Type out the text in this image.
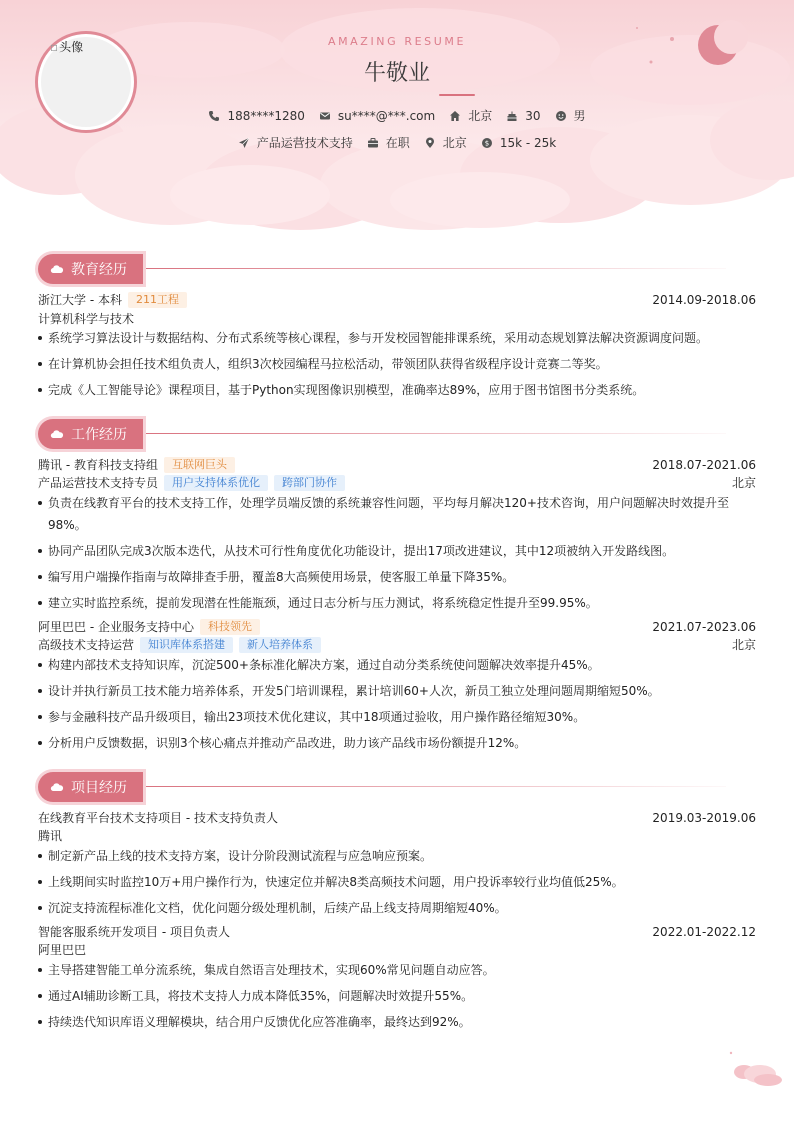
▫ 头像	AMAZING RESUME
牛敬业
188****1280	su****@***.com	北京	30	男
产品运营技术支持	在职	北京	$ 15k - 25k
教育经历
浙江大学 - 本科	211工程	2014.09-2018.06
计算机科学与技术
系统学习算法设计与数据结构、分布式系统等核心课程，参与开发校园智能排课系统，采用动态规划算法解决资源调度问题。
在计算机协会担任技术组负责人，组织3次校园编程马拉松活动，带领团队获得省级程序设计竞赛二等奖。
完成《人工智能导论》课程项目，基于Python实现图像识别模型，准确率达89%，应用于图书馆图书分类系统。
工作经历
腾讯 - 教育科技支持组	互联网巨头	2018.07-2021.06
产品运营技术支持专员	用户支持体系优化	跨部门协作	北京
负责在线教育平台的技术支持工作，处理学员端反馈的系统兼容性问题，平均每月解决120+技术咨询，用户问题解决时效提升至
98%。
协同产品团队完成3次版本迭代，从技术可行性角度优化功能设计，提出17项改进建议，其中12项被纳入开发路线图。
编写用户端操作指南与故障排查手册，覆盖8大高频使用场景，使客服工单量下降35%。
建立实时监控系统，提前发现潜在性能瓶颈，通过日志分析与压力测试，将系统稳定性提升至99.95%。
阿里巴巴 - 企业服务支持中心	科技领先	2021.07-2023.06
高级技术支持运营	知识库体系搭建	新人培养体系	北京
构建内部技术支持知识库，沉淀500+条标准化解决方案，通过自动分类系统使问题解决效率提升45%。
设计并执行新员工技术能力培养体系，开发5门培训课程，累计培训60+人次，新员工独立处理问题周期缩短50%。
参与金融科技产品升级项目，输出23项技术优化建议，其中18项通过验收，用户操作路径缩短30%。
分析用户反馈数据，识别3个核心痛点并推动产品改进，助力该产品线市场份额提升12%。
项目经历
在线教育平台技术支持项目 - 技术支持负责人	2019.03-2019.06
腾讯
制定新产品上线的技术支持方案，设计分阶段测试流程与应急响应预案。
上线期间实时监控10万+用户操作行为，快速定位并解决8类高频技术问题，用户投诉率较行业均值低25%。
沉淀支持流程标准化文档，优化问题分级处理机制，后续产品上线支持周期缩短40%。
智能客服系统开发项目 - 项目负责人	2022.01-2022.12
阿里巴巴
主导搭建智能工单分流系统，集成自然语言处理技术，实现60%常见问题自动应答。
通过AI辅助诊断工具，将技术支持人力成本降低35%，问题解决时效提升55%。
持续迭代知识库语义理解模块，结合用户反馈优化应答准确率，最终达到92%。
